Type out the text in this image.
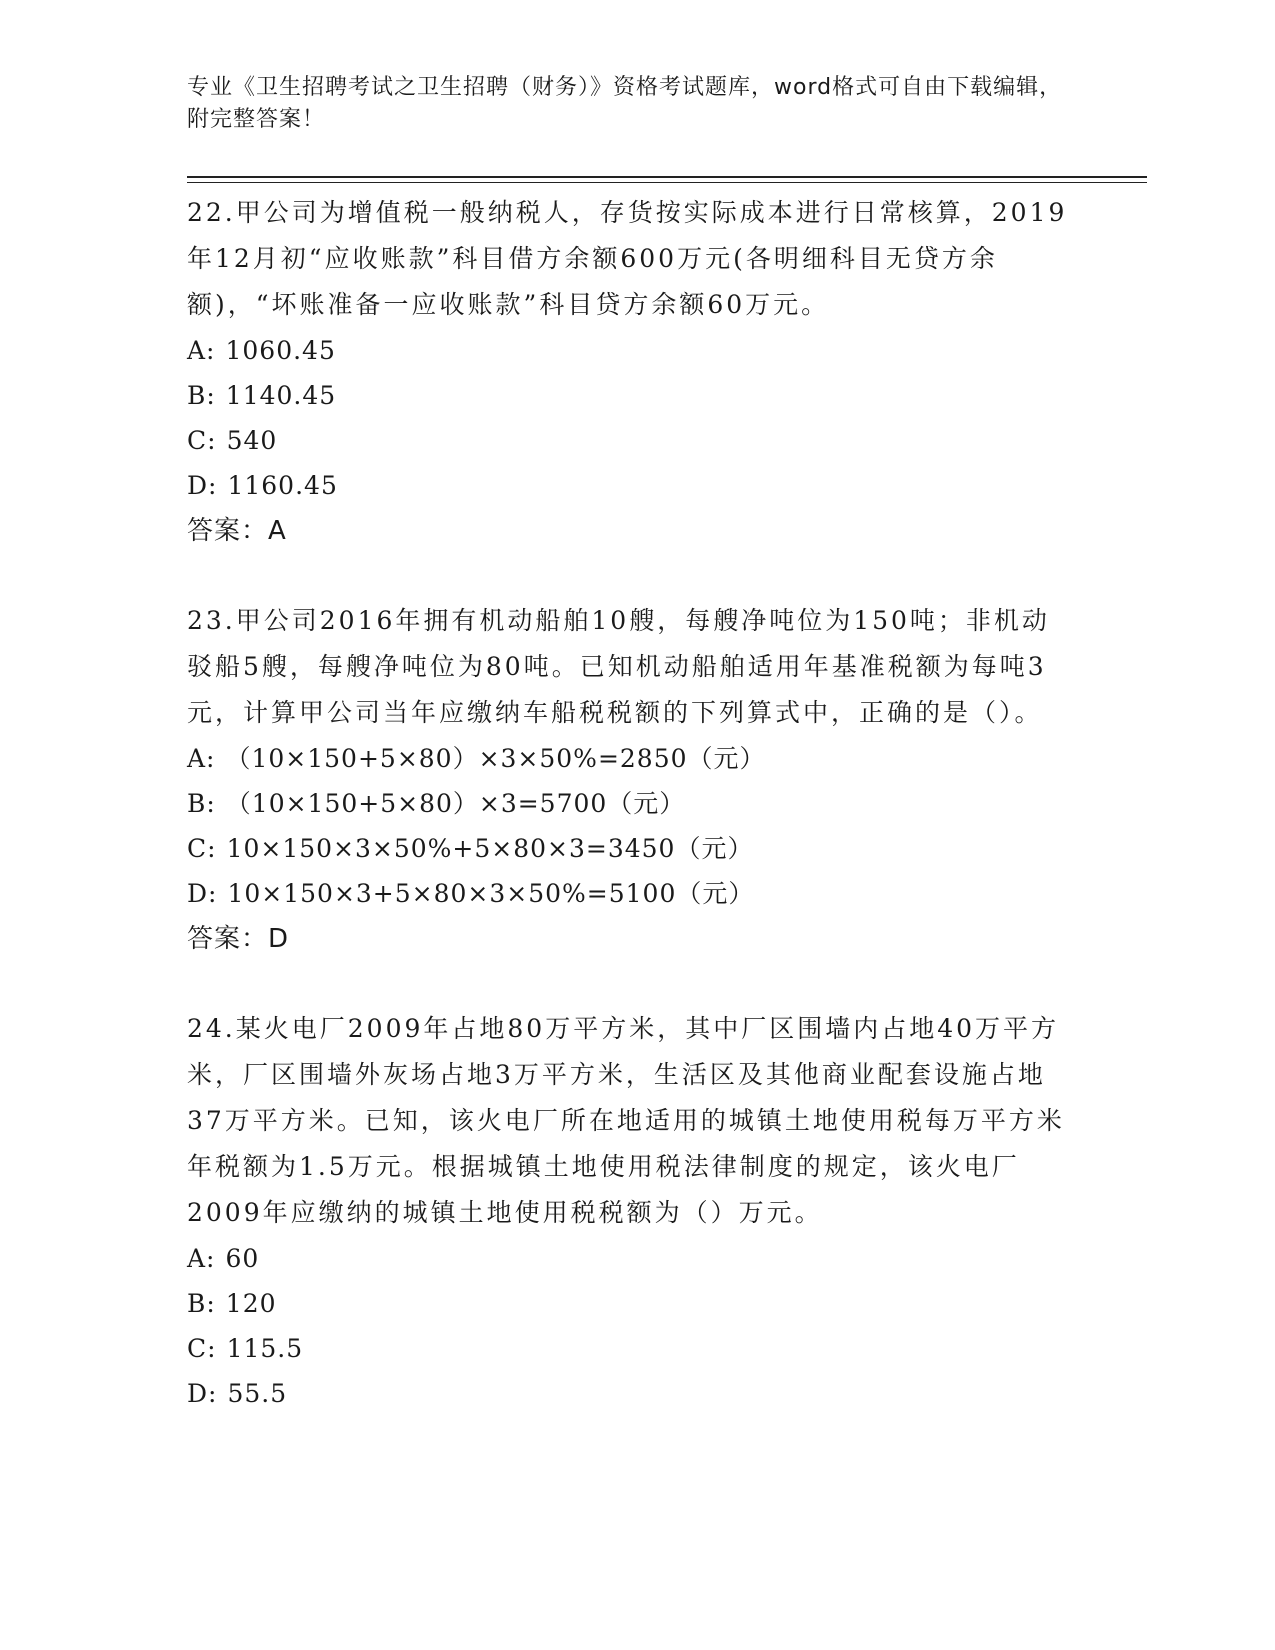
专业《卫生招聘考试之卫生招聘（财务）》资格考试题库，word格式可自由下载编辑，附完整答案！

22.甲公司为增值税一般纳税人，存货按实际成本进行日常核算，2019年12月初“应收账款”科目借方余额600万元(各明细科目无贷方余额)，“坏账准备一应收账款”科目贷方余额60万元。

A: 1060.45

B: 1140.45

C: 540

D: 1160.45

答案：A

23.甲公司2016年拥有机动船舶10艘，每艘净吨位为150吨；非机动驳船5艘，每艘净吨位为80吨。已知机动船舶适用年基准税额为每吨3元，计算甲公司当年应缴纳车船税税额的下列算式中，正确的是（）。

A: （10×150+5×80）×3×50%=2850（元）

B: （10×150+5×80）×3=5700（元）

C: 10×150×3×50%+5×80×3=3450（元）

D: 10×150×3+5×80×3×50%=5100（元）

答案：D

24.某火电厂2009年占地80万平方米，其中厂区围墙内占地40万平方米，厂区围墙外灰场占地3万平方米，生活区及其他商业配套设施占地37万平方米。已知，该火电厂所在地适用的城镇土地使用税每万平方米年税额为1.5万元。根据城镇土地使用税法律制度的规定，该火电厂2009年应缴纳的城镇土地使用税税额为（）万元。

A: 60

B: 120

C: 115.5

D: 55.5
